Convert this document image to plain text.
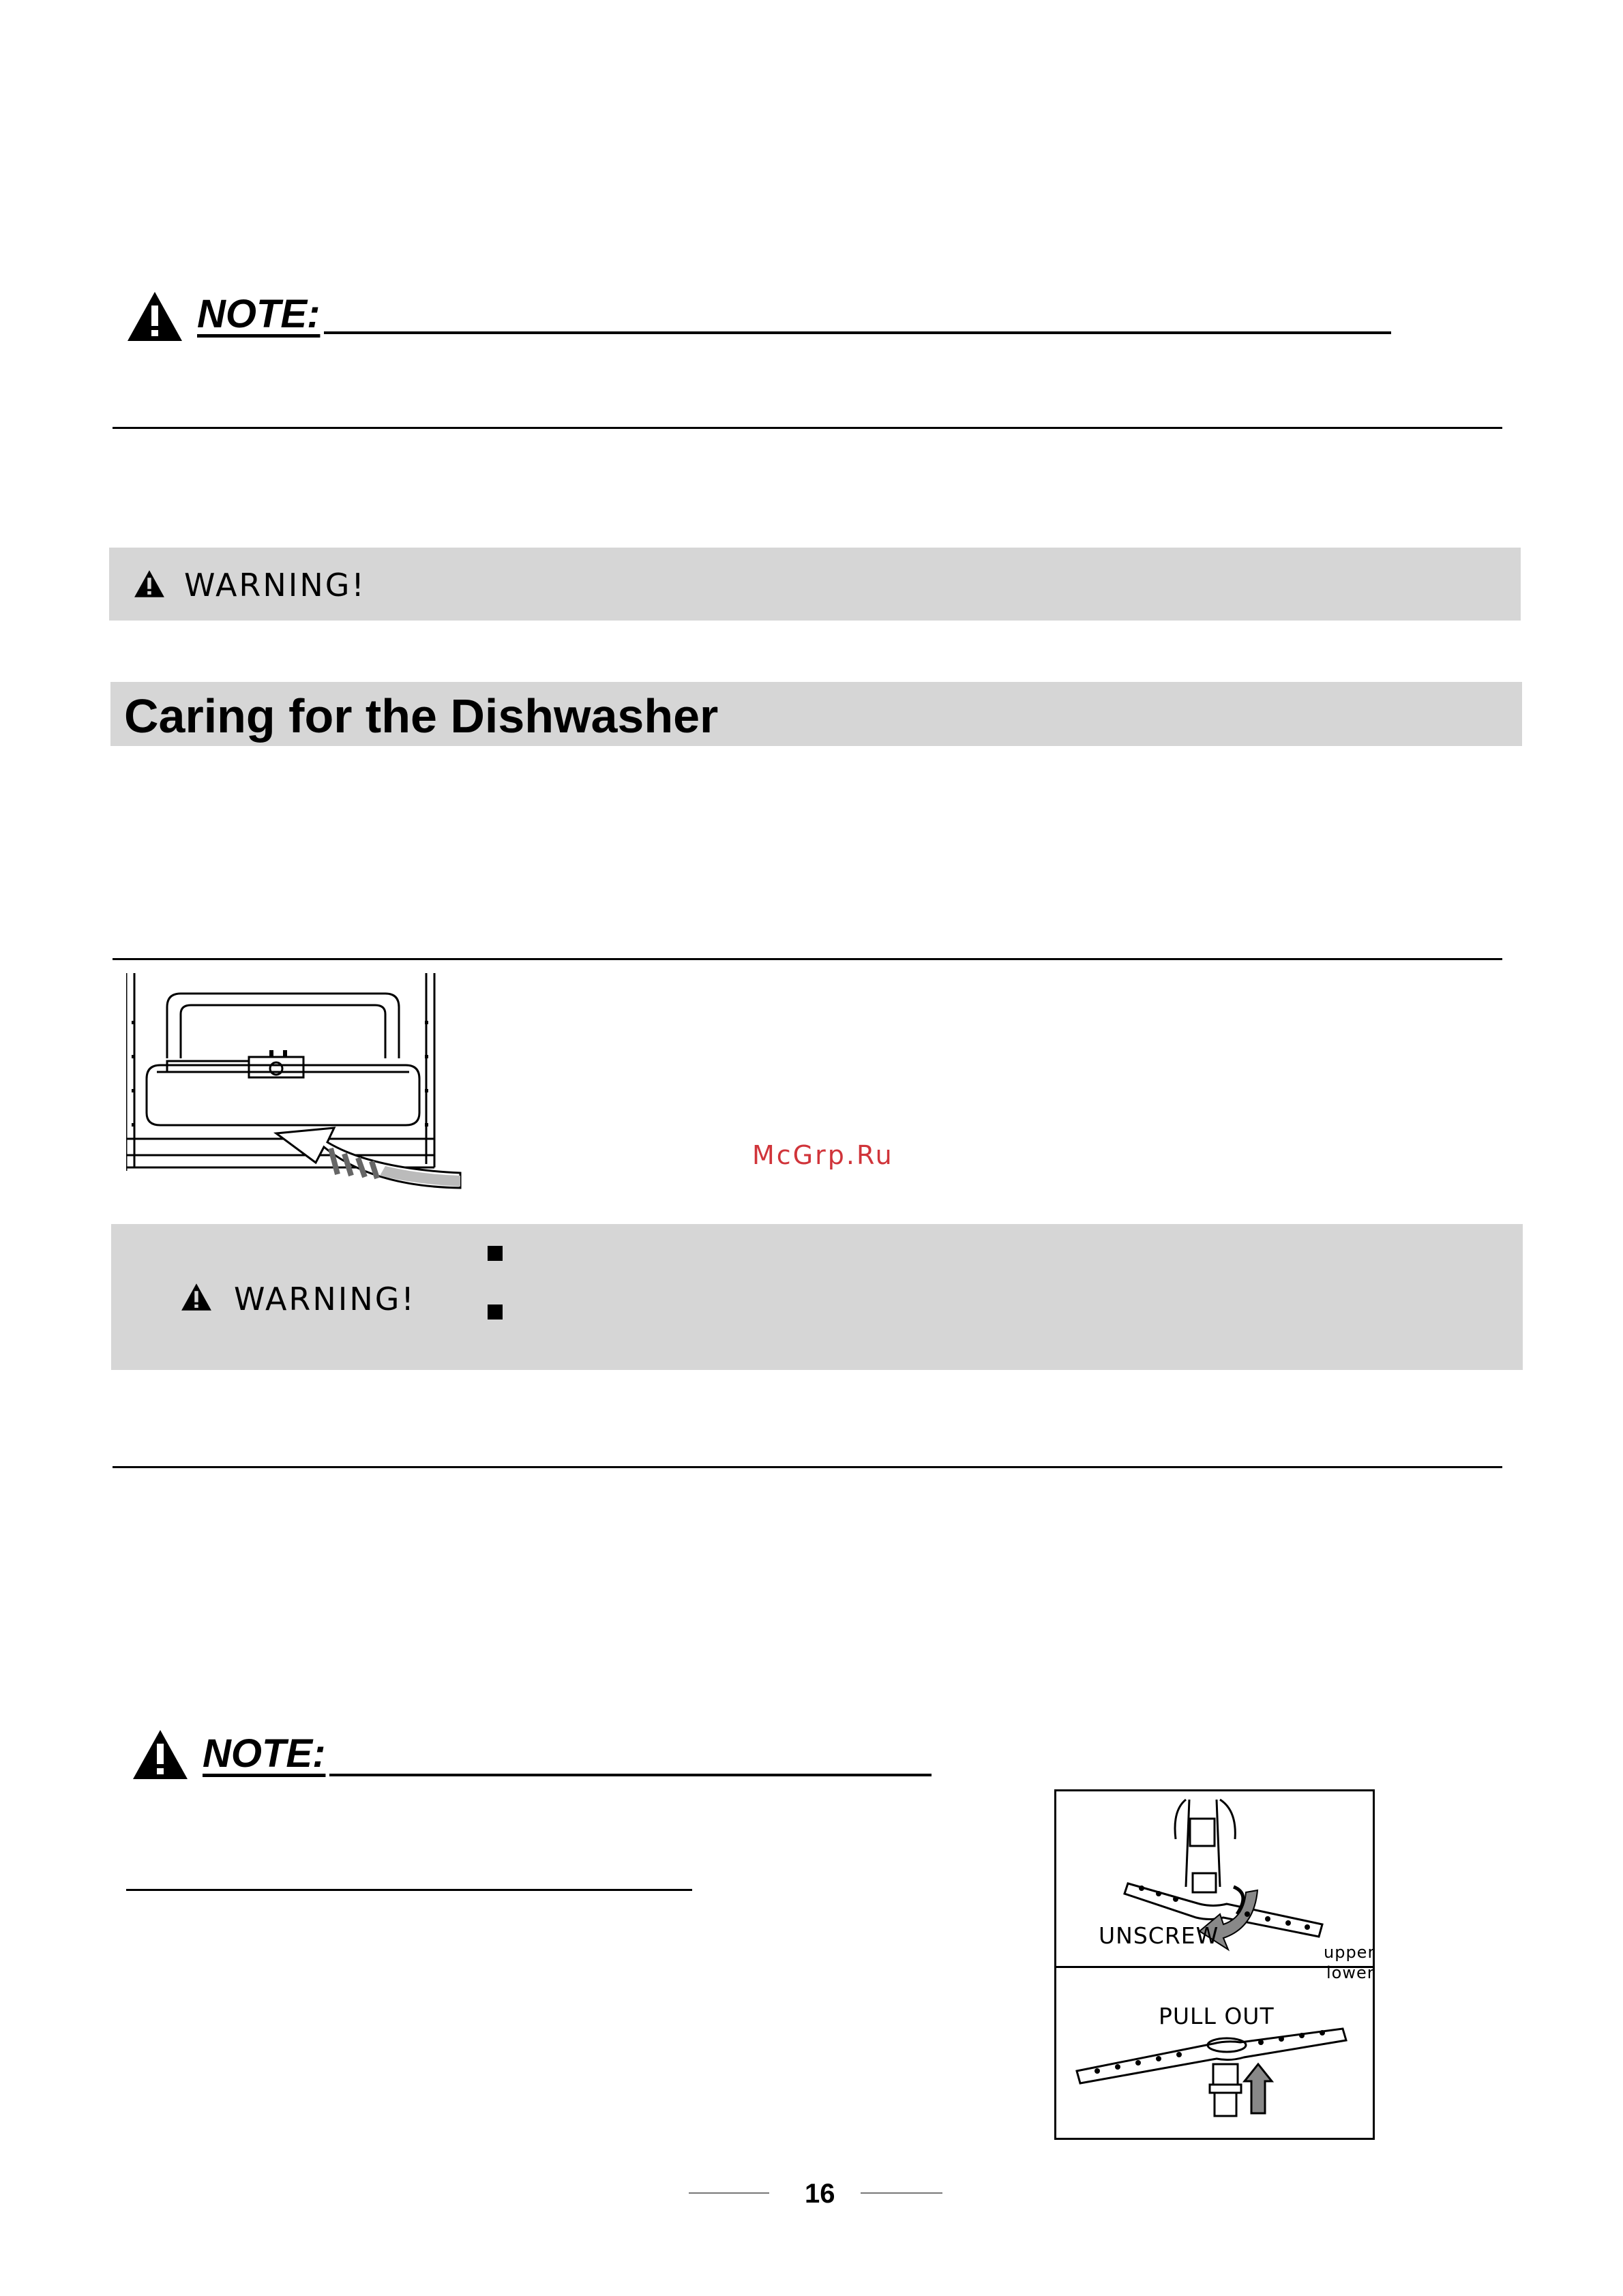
NOTE:
WARNING!
Caring for the Dishwasher
McGrp.Ru
WARNING!
NOTE:
UNSCREW
upper
lower
PULL OUT
16
